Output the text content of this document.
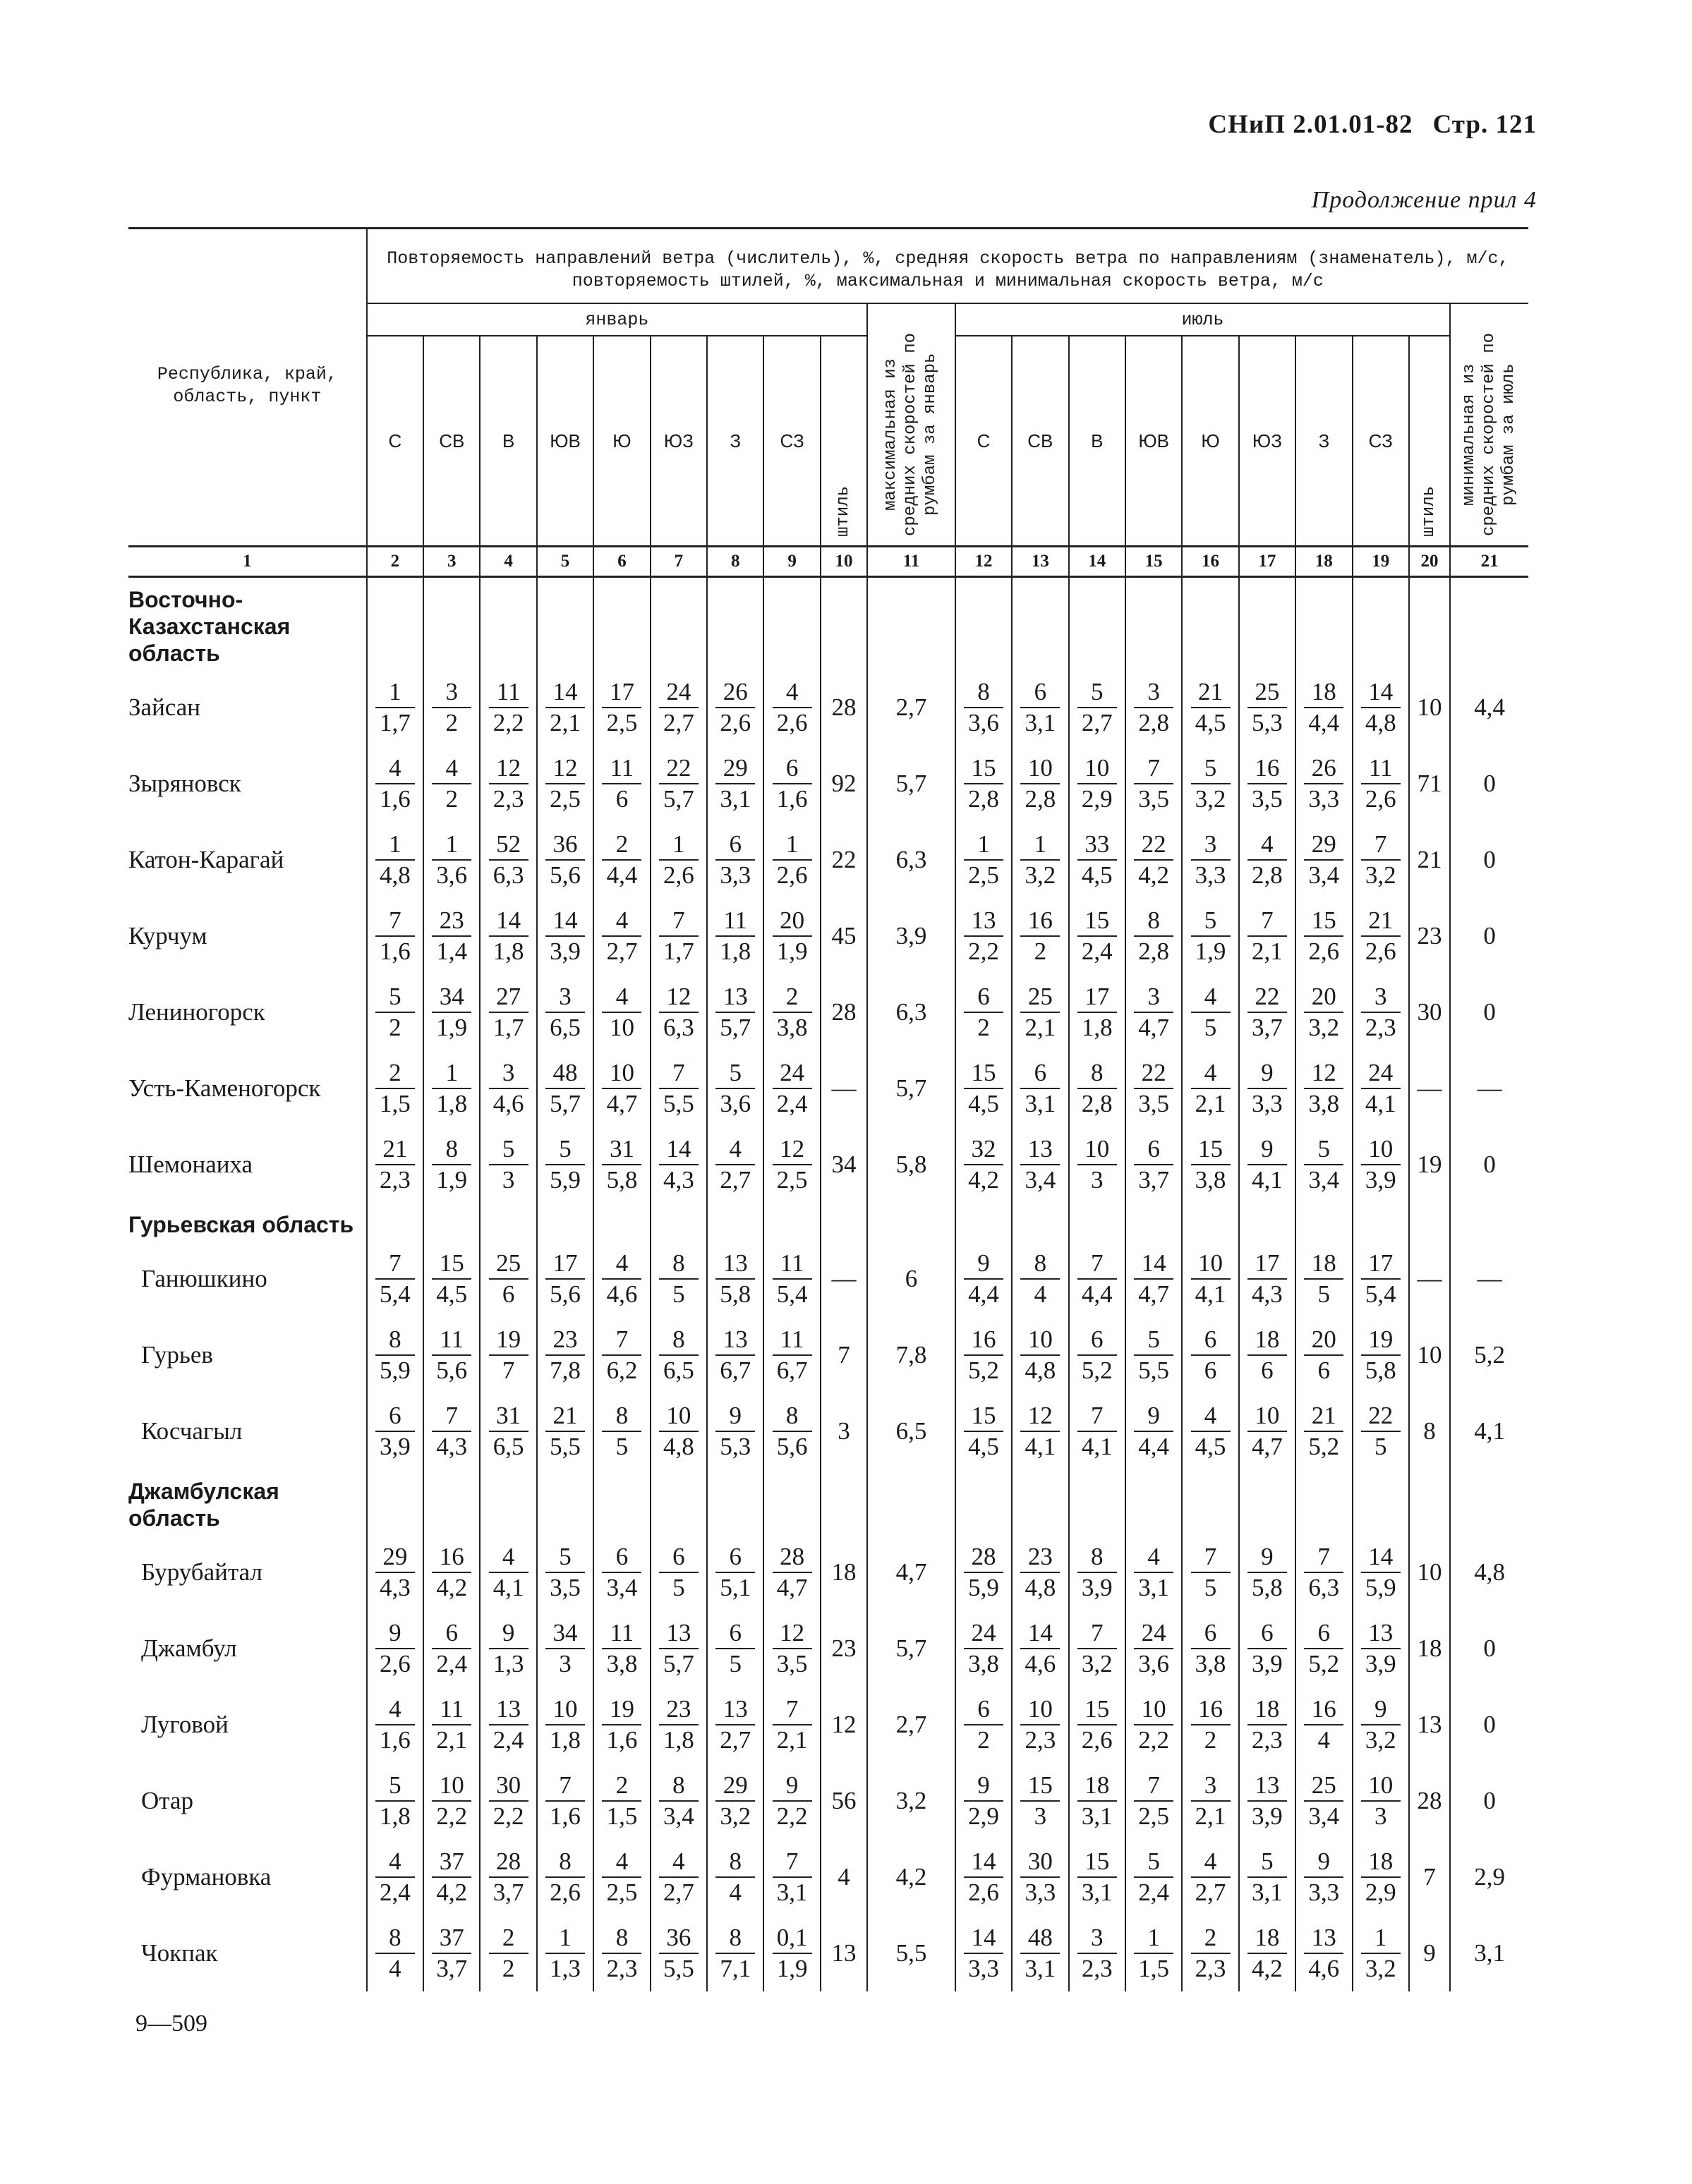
СНиП 2.01.01-82 Стр. 121
Продолжение прил 4
Республика, край, область, пункт	Повторяемость направлений ветра (числитель), %, средняя скорость ветра по направлениям (знаменатель), м/с, повторяемость штилей, %, максимальная и минимальная скорость ветра, м/с																			
	январь									максимальная из средних скоростей по румбам за январь	июль									минимальная из средних скоростей по румбам за июль

	С	СВ	В	ЮВ	Ю	ЮЗ	З	СЗ	штиль		С	СВ	В	ЮВ	Ю	ЮЗ	З	СЗ	штиль	

1	2	3	4	5	6	7	8	9	10	11	12	13	14	15	16	17	18	19	20	21
Восточно-Казахстанская область																				
Зайсан	$\frac{1}{1,7}$	$\frac{3}{2}$	$\frac{11}{2,2}$	$\frac{14}{2,1}$	$\frac{17}{2,5}$	$\frac{24}{2,7}$	$\frac{26}{2,6}$	$\frac{4}{2,6}$	28	2,7	$\frac{8}{3,6}$	$\frac{6}{3,1}$	$\frac{5}{2,7}$	$\frac{3}{2,8}$	$\frac{21}{4,5}$	$\frac{25}{5,3}$	$\frac{18}{4,4}$	$\frac{14}{4,8}$	10	4,4
Зыряновск	$\frac{4}{1,6}$	$\frac{4}{2}$	$\frac{12}{2,3}$	$\frac{12}{2,5}$	$\frac{11}{6}$	$\frac{22}{5,7}$	$\frac{29}{3,1}$	$\frac{6}{1,6}$	92	5,7	$\frac{15}{2,8}$	$\frac{10}{2,8}$	$\frac{10}{2,9}$	$\frac{7}{3,5}$	$\frac{5}{3,2}$	$\frac{16}{3,5}$	$\frac{26}{3,3}$	$\frac{11}{2,6}$	71	0
Катон-Карагай	$\frac{1}{4,8}$	$\frac{1}{3,6}$	$\frac{52}{6,3}$	$\frac{36}{5,6}$	$\frac{2}{4,4}$	$\frac{1}{2,6}$	$\frac{6}{3,3}$	$\frac{1}{2,6}$	22	6,3	$\frac{1}{2,5}$	$\frac{1}{3,2}$	$\frac{33}{4,5}$	$\frac{22}{4,2}$	$\frac{3}{3,3}$	$\frac{4}{2,8}$	$\frac{29}{3,4}$	$\frac{7}{3,2}$	21	0
Курчум	$\frac{7}{1,6}$	$\frac{23}{1,4}$	$\frac{14}{1,8}$	$\frac{14}{3,9}$	$\frac{4}{2,7}$	$\frac{7}{1,7}$	$\frac{11}{1,8}$	$\frac{20}{1,9}$	45	3,9	$\frac{13}{2,2}$	$\frac{16}{2}$	$\frac{15}{2,4}$	$\frac{8}{2,8}$	$\frac{5}{1,9}$	$\frac{7}{2,1}$	$\frac{15}{2,6}$	$\frac{21}{2,6}$	23	0
Лениногорск	$\frac{5}{2}$	$\frac{34}{1,9}$	$\frac{27}{1,7}$	$\frac{3}{6,5}$	$\frac{4}{10}$	$\frac{12}{6,3}$	$\frac{13}{5,7}$	$\frac{2}{3,8}$	28	6,3	$\frac{6}{2}$	$\frac{25}{2,1}$	$\frac{17}{1,8}$	$\frac{3}{4,7}$	$\frac{4}{5}$	$\frac{22}{3,7}$	$\frac{20}{3,2}$	$\frac{3}{2,3}$	30	0
Усть-Каменогорск	$\frac{2}{1,5}$	$\frac{1}{1,8}$	$\frac{3}{4,6}$	$\frac{48}{5,7}$	$\frac{10}{4,7}$	$\frac{7}{5,5}$	$\frac{5}{3,6}$	$\frac{24}{2,4}$	—	5,7	$\frac{15}{4,5}$	$\frac{6}{3,1}$	$\frac{8}{2,8}$	$\frac{22}{3,5}$	$\frac{4}{2,1}$	$\frac{9}{3,3}$	$\frac{12}{3,8}$	$\frac{24}{4,1}$	—	—
Шемонаиха	$\frac{21}{2,3}$	$\frac{8}{1,9}$	$\frac{5}{3}$	$\frac{5}{5,9}$	$\frac{31}{5,8}$	$\frac{14}{4,3}$	$\frac{4}{2,7}$	$\frac{12}{2,5}$	34	5,8	$\frac{32}{4,2}$	$\frac{13}{3,4}$	$\frac{10}{3}$	$\frac{6}{3,7}$	$\frac{15}{3,8}$	$\frac{9}{4,1}$	$\frac{5}{3,4}$	$\frac{10}{3,9}$	19	0
Гурьевская область																				
Ганюшкино	$\frac{7}{5,4}$	$\frac{15}{4,5}$	$\frac{25}{6}$	$\frac{17}{5,6}$	$\frac{4}{4,6}$	$\frac{8}{5}$	$\frac{13}{5,8}$	$\frac{11}{5,4}$	—	6	$\frac{9}{4,4}$	$\frac{8}{4}$	$\frac{7}{4,4}$	$\frac{14}{4,7}$	$\frac{10}{4,1}$	$\frac{17}{4,3}$	$\frac{18}{5}$	$\frac{17}{5,4}$	—	—
Гурьев	$\frac{8}{5,9}$	$\frac{11}{5,6}$	$\frac{19}{7}$	$\frac{23}{7,8}$	$\frac{7}{6,2}$	$\frac{8}{6,5}$	$\frac{13}{6,7}$	$\frac{11}{6,7}$	7	7,8	$\frac{16}{5,2}$	$\frac{10}{4,8}$	$\frac{6}{5,2}$	$\frac{5}{5,5}$	$\frac{6}{6}$	$\frac{18}{6}$	$\frac{20}{6}$	$\frac{19}{5,8}$	10	5,2
Косчагыл	$\frac{6}{3,9}$	$\frac{7}{4,3}$	$\frac{31}{6,5}$	$\frac{21}{5,5}$	$\frac{8}{5}$	$\frac{10}{4,8}$	$\frac{9}{5,3}$	$\frac{8}{5,6}$	3	6,5	$\frac{15}{4,5}$	$\frac{12}{4,1}$	$\frac{7}{4,1}$	$\frac{9}{4,4}$	$\frac{4}{4,5}$	$\frac{10}{4,7}$	$\frac{21}{5,2}$	$\frac{22}{5}$	8	4,1
Джамбулская область																				
Бурубайтал	$\frac{29}{4,3}$	$\frac{16}{4,2}$	$\frac{4}{4,1}$	$\frac{5}{3,5}$	$\frac{6}{3,4}$	$\frac{6}{5}$	$\frac{6}{5,1}$	$\frac{28}{4,7}$	18	4,7	$\frac{28}{5,9}$	$\frac{23}{4,8}$	$\frac{8}{3,9}$	$\frac{4}{3,1}$	$\frac{7}{5}$	$\frac{9}{5,8}$	$\frac{7}{6,3}$	$\frac{14}{5,9}$	10	4,8
Джамбул	$\frac{9}{2,6}$	$\frac{6}{2,4}$	$\frac{9}{1,3}$	$\frac{34}{3}$	$\frac{11}{3,8}$	$\frac{13}{5,7}$	$\frac{6}{5}$	$\frac{12}{3,5}$	23	5,7	$\frac{24}{3,8}$	$\frac{14}{4,6}$	$\frac{7}{3,2}$	$\frac{24}{3,6}$	$\frac{6}{3,8}$	$\frac{6}{3,9}$	$\frac{6}{5,2}$	$\frac{13}{3,9}$	18	0
Луговой	$\frac{4}{1,6}$	$\frac{11}{2,1}$	$\frac{13}{2,4}$	$\frac{10}{1,8}$	$\frac{19}{1,6}$	$\frac{23}{1,8}$	$\frac{13}{2,7}$	$\frac{7}{2,1}$	12	2,7	$\frac{6}{2}$	$\frac{10}{2,3}$	$\frac{15}{2,6}$	$\frac{10}{2,2}$	$\frac{16}{2}$	$\frac{18}{2,3}$	$\frac{16}{4}$	$\frac{9}{3,2}$	13	0
Отар	$\frac{5}{1,8}$	$\frac{10}{2,2}$	$\frac{30}{2,2}$	$\frac{7}{1,6}$	$\frac{2}{1,5}$	$\frac{8}{3,4}$	$\frac{29}{3,2}$	$\frac{9}{2,2}$	56	3,2	$\frac{9}{2,9}$	$\frac{15}{3}$	$\frac{18}{3,1}$	$\frac{7}{2,5}$	$\frac{3}{2,1}$	$\frac{13}{3,9}$	$\frac{25}{3,4}$	$\frac{10}{3}$	28	0
Фурмановка	$\frac{4}{2,4}$	$\frac{37}{4,2}$	$\frac{28}{3,7}$	$\frac{8}{2,6}$	$\frac{4}{2,5}$	$\frac{4}{2,7}$	$\frac{8}{4}$	$\frac{7}{3,1}$	4	4,2	$\frac{14}{2,6}$	$\frac{30}{3,3}$	$\frac{15}{3,1}$	$\frac{5}{2,4}$	$\frac{4}{2,7}$	$\frac{5}{3,1}$	$\frac{9}{3,3}$	$\frac{18}{2,9}$	7	2,9
Чокпак	$\frac{8}{4}$	$\frac{37}{3,7}$	$\frac{2}{2}$	$\frac{1}{1,3}$	$\frac{8}{2,3}$	$\frac{36}{5,5}$	$\frac{8}{7,1}$	$\frac{0,1}{1,9}$	13	5,5	$\frac{14}{3,3}$	$\frac{48}{3,1}$	$\frac{3}{2,3}$	$\frac{1}{1,5}$	$\frac{2}{2,3}$	$\frac{18}{4,2}$	$\frac{13}{4,6}$	$\frac{1}{3,2}$	9	3,1
9—509
